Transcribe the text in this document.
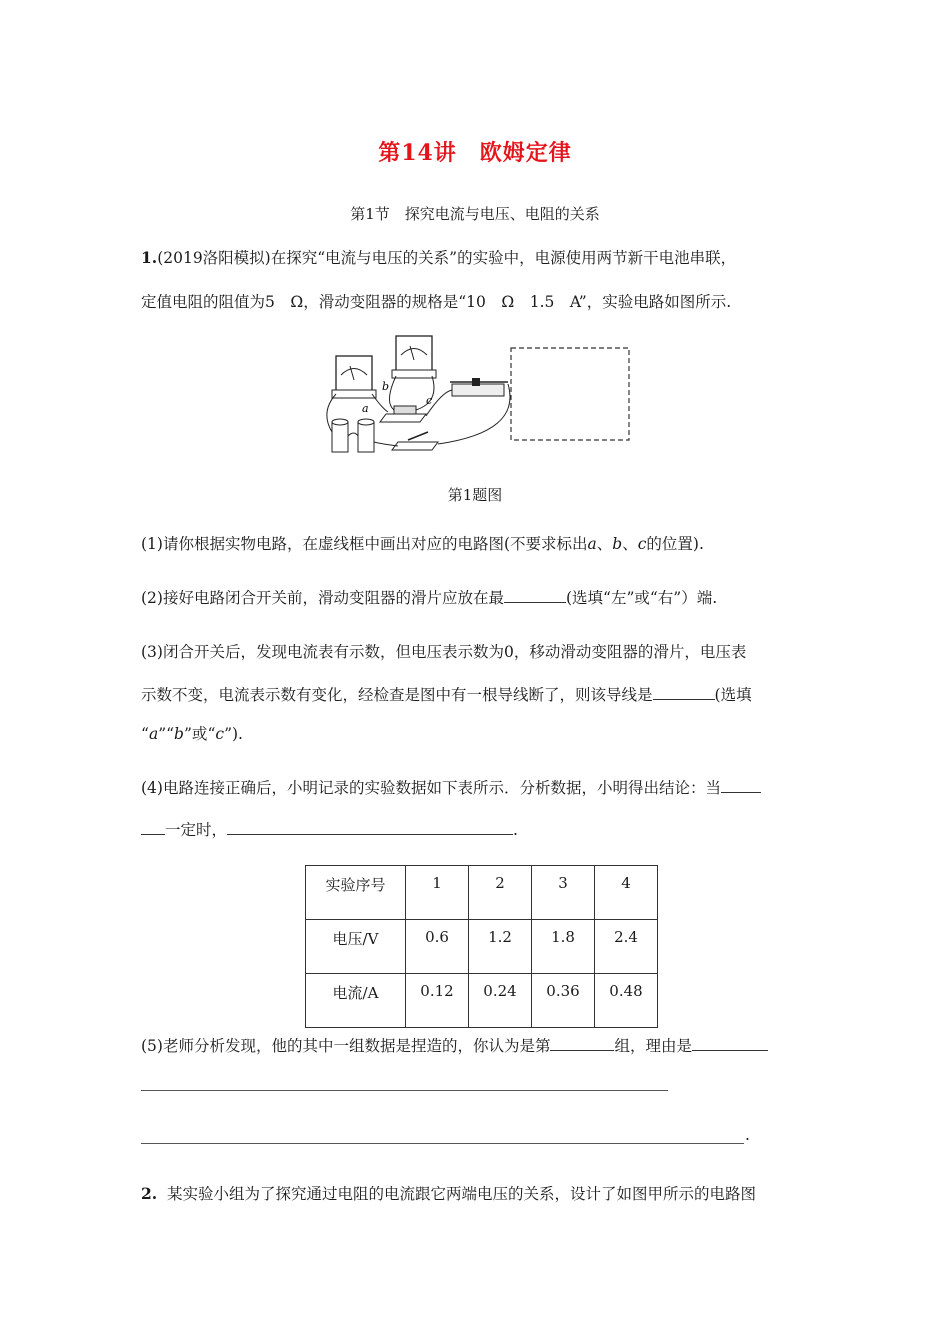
第14讲　欧姆定律
第1节　探究电流与电压、电阻的关系
1.(2019洛阳模拟)在探究“电流与电压的关系”的实验中，电源使用两节新干电池串联，
定值电阻的阻值为5　Ω，滑动变阻器的规格是“10　Ω　1.5　A”，实验电路如图所示.
a
b
c
第1题图
(1)请你根据实物电路，在虚线框中画出对应的电路图(不要求标出a、b、c的位置).
(2)接好电路闭合开关前，滑动变阻器的滑片应放在最	(选填“左”或“右”）端.
(3)闭合开关后，发现电流表有示数，但电压表示数为0，移动滑动变阻器的滑片，电压表
示数不变，电流表示数有变化，经检查是图中有一根导线断了，则该导线是	(选填
“a”“b”或“c”).
(4)电路连接正确后，小明记录的实验数据如下表所示．分析数据，小明得出结论：当
一定时，	.
实验序号	1	2	3	4
电压/V	0.6	1.2	1.8	2.4
电流/A	0.12	0.24	0.36	0.48
(5)老师分析发现，他的其中一组数据是捏造的，你认为是第	组，理由是
.
2. 某实验小组为了探究通过电阻的电流跟它两端电压的关系，设计了如图甲所示的电路图
